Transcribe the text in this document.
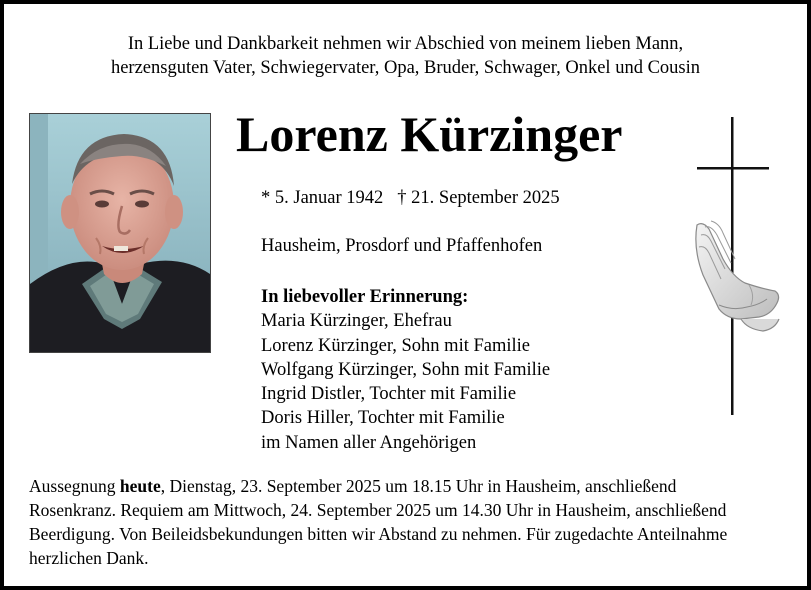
In Liebe und Dankbarkeit nehmen wir Abschied von meinem lieben Mann,
herzensguten Vater, Schwiegervater, Opa, Bruder, Schwager, Onkel und Cousin
Lorenz Kürzinger
* 5. Januar 1942 † 21. September 2025
Hausheim, Prosdorf und Pfaffenhofen
In liebevoller Erinnerung:
Maria Kürzinger, Ehefrau
Lorenz Kürzinger, Sohn mit Familie
Wolfgang Kürzinger, Sohn mit Familie
Ingrid Distler, Tochter mit Familie
Doris Hiller, Tochter mit Familie
im Namen aller Angehörigen
Aussegnung heute, Dienstag, 23. September 2025 um 18.15 Uhr in Hausheim, anschließend
Rosenkranz. Requiem am Mittwoch, 24. September 2025 um 14.30 Uhr in Hausheim, anschließend
Beerdigung. Von Beileidsbekundungen bitten wir Abstand zu nehmen. Für zugedachte Anteilnahme
herzlichen Dank.
